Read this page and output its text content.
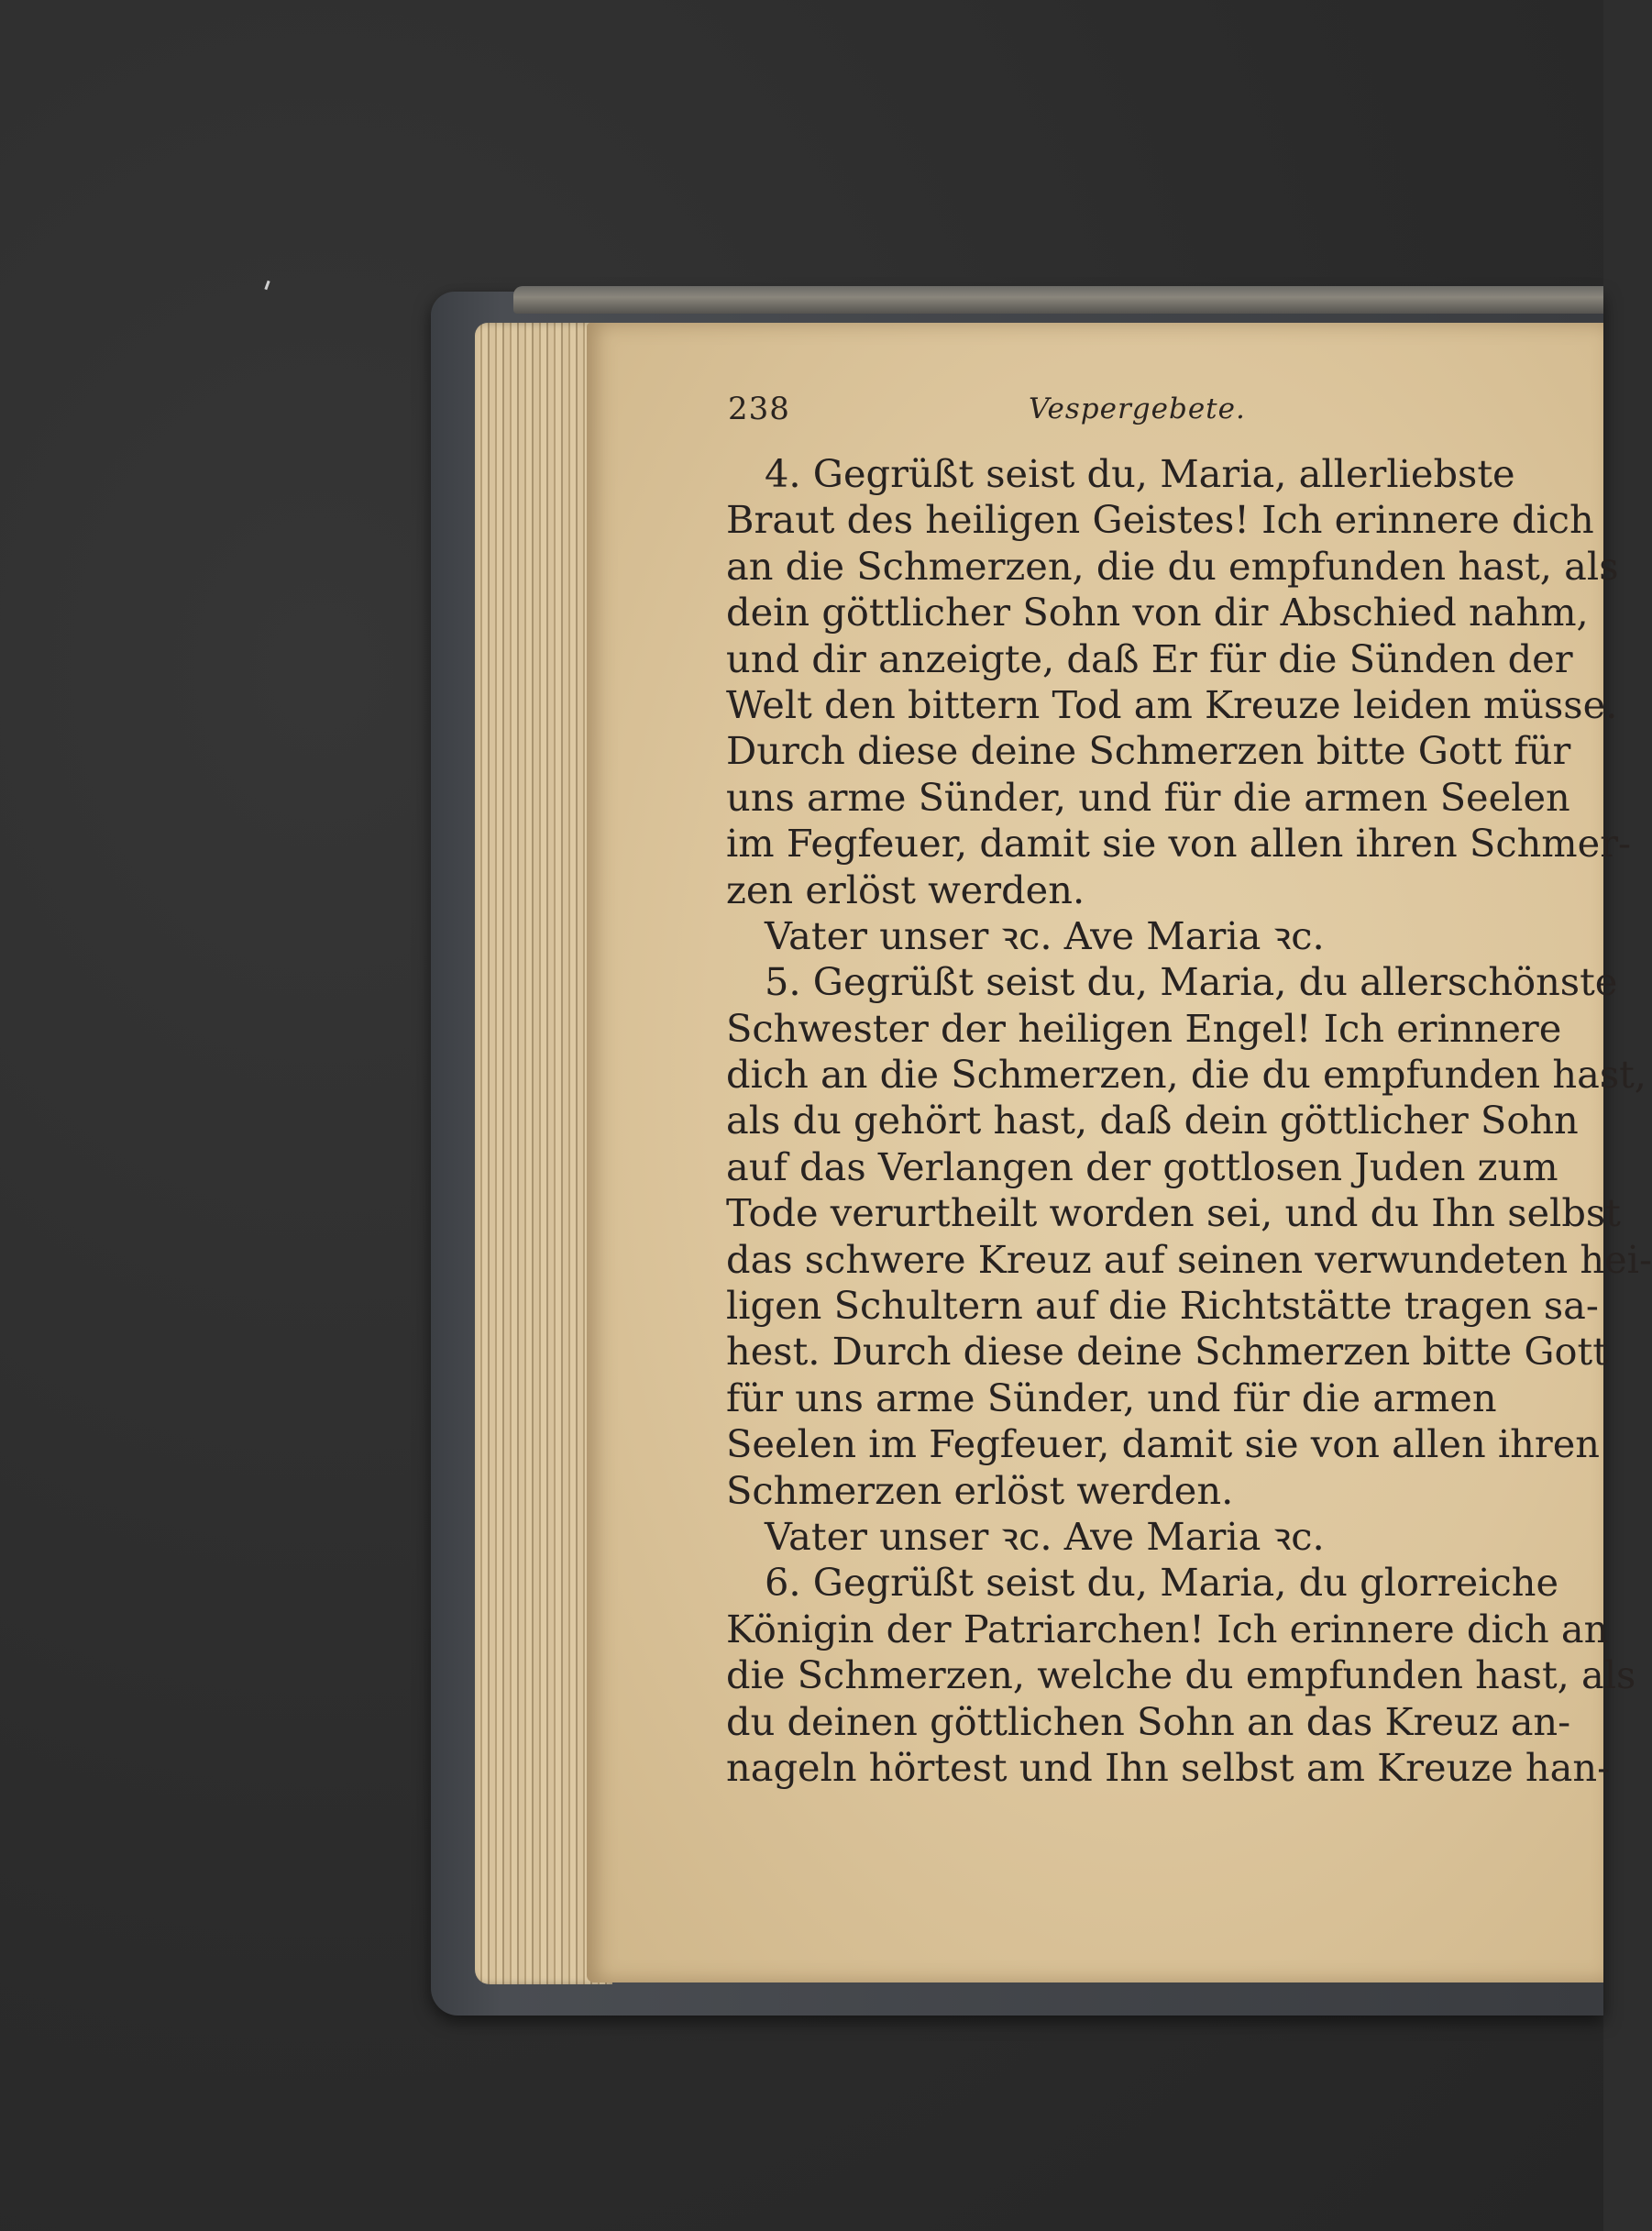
238	Vespergebete.
4. Gegrüßt seist du, Maria, allerliebste
Braut des heiligen Geistes! Ich erinnere dich
an die Schmerzen, die du empfunden hast, als
dein göttlicher Sohn von dir Abschied nahm,
und dir anzeigte, daß Er für die Sünden der
Welt den bittern Tod am Kreuze leiden müsse.
Durch diese deine Schmerzen bitte Gott für
uns arme Sünder, und für die armen Seelen
im Fegfeuer, damit sie von allen ihren Schmer-
zen erlöst werden.
Vater unser ꝛc. Ave Maria ꝛc.
5. Gegrüßt seist du, Maria, du allerschönste
Schwester der heiligen Engel! Ich erinnere
dich an die Schmerzen, die du empfunden hast,
als du gehört hast, daß dein göttlicher Sohn
auf das Verlangen der gottlosen Juden zum
Tode verurtheilt worden sei, und du Ihn selbst
das schwere Kreuz auf seinen verwundeten hei-
ligen Schultern auf die Richtstätte tragen sa-
hest. Durch diese deine Schmerzen bitte Gott
für uns arme Sünder, und für die armen
Seelen im Fegfeuer, damit sie von allen ihren
Schmerzen erlöst werden.
Vater unser ꝛc. Ave Maria ꝛc.
6. Gegrüßt seist du, Maria, du glorreiche
Königin der Patriarchen! Ich erinnere dich an
die Schmerzen, welche du empfunden hast, als
du deinen göttlichen Sohn an das Kreuz an-
nageln hörtest und Ihn selbst am Kreuze han-
